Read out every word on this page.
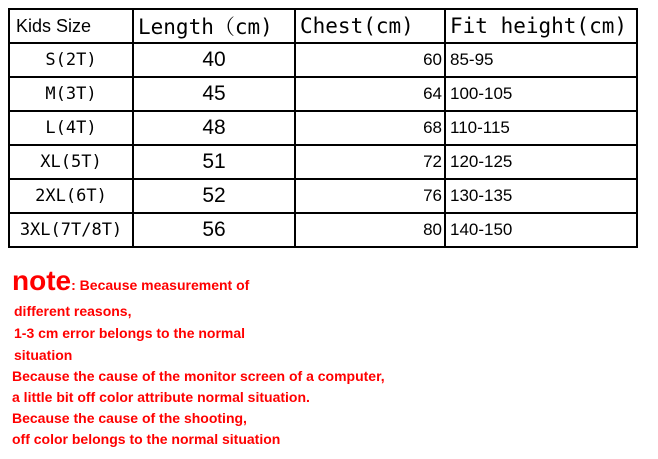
Kids Size	Length（cm)	Chest(cm)	Fit height(cm)
S(2T)	40	60	85-95
M(3T)	45	64	100-105
L(4T)	48	68	110-115
XL(5T)	51	72	120-125
2XL(6T)	52	76	130-135
3XL(7T/8T)	56	80	140-150
note: Because measurement of
different reasons,
1-3 cm error belongs to the normal
situation
Because the cause of the monitor screen of a computer,
a little bit off color attribute normal situation.
Because the cause of the shooting,
off color belongs to the normal situation
